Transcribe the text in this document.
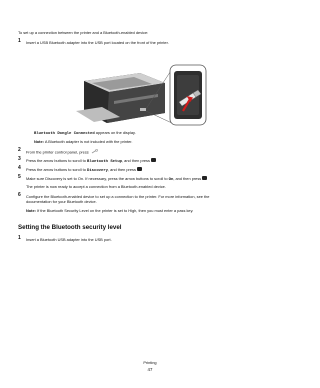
To set up a connection between the printer and a Bluetooth-enabled device:
1 Insert a USB Bluetooth adapter into the USB port located on the front of the printer.
Bluetooth Dongle Connected appears on the display.
Note: A Bluetooth adapter is not included with the printer.
2 From the printer control panel, press
3 Press the arrow buttons to scroll to Bluetooth Setup, and then press
4 Press the arrow buttons to scroll to Discovery, and then press
5 Make sure Discovery is set to On. If necessary, press the arrow buttons to scroll to On, and then press
The printer is now ready to accept a connection from a Bluetooth-enabled device.
6 Configure the Bluetooth-enabled device to set up a connection to the printer. For more information, see the
documentation for your Bluetooth device.
Note: If the Bluetooth Security Level on the printer is set to High, then you must enter a pass key.
Setting the Bluetooth security level
1 Insert a Bluetooth USB adapter into the USB port.
Printing
47
